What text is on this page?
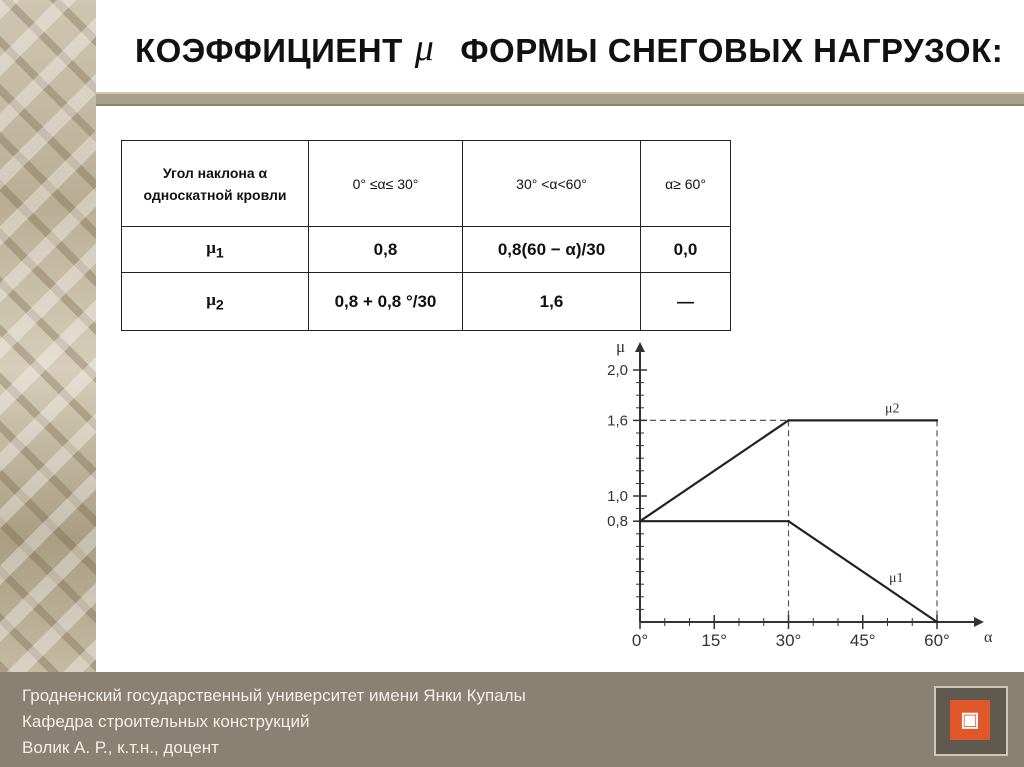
КОЭФФИЦИЕНТ μ ФОРМЫ СНЕГОВЫХ НАГРУЗОК:
Угол наклона α
односкатной кровли	0° ≤α≤ 30°	30° <α<60°	α≥ 60°
$\mu_1$	0,8	0,8(60 − α)/30	0,0
$\mu_2$	0,8 + 0,8 °/30	1,6	—
0,8
1,0
1,6
2,0
0°	15°	30°	45°	60° α
μ
μ2
μ1
Гродненский государственный университет имени Янки Купалы
Кафедра строительных конструкций
Волик А. Р., к.т.н., доцент
▣
